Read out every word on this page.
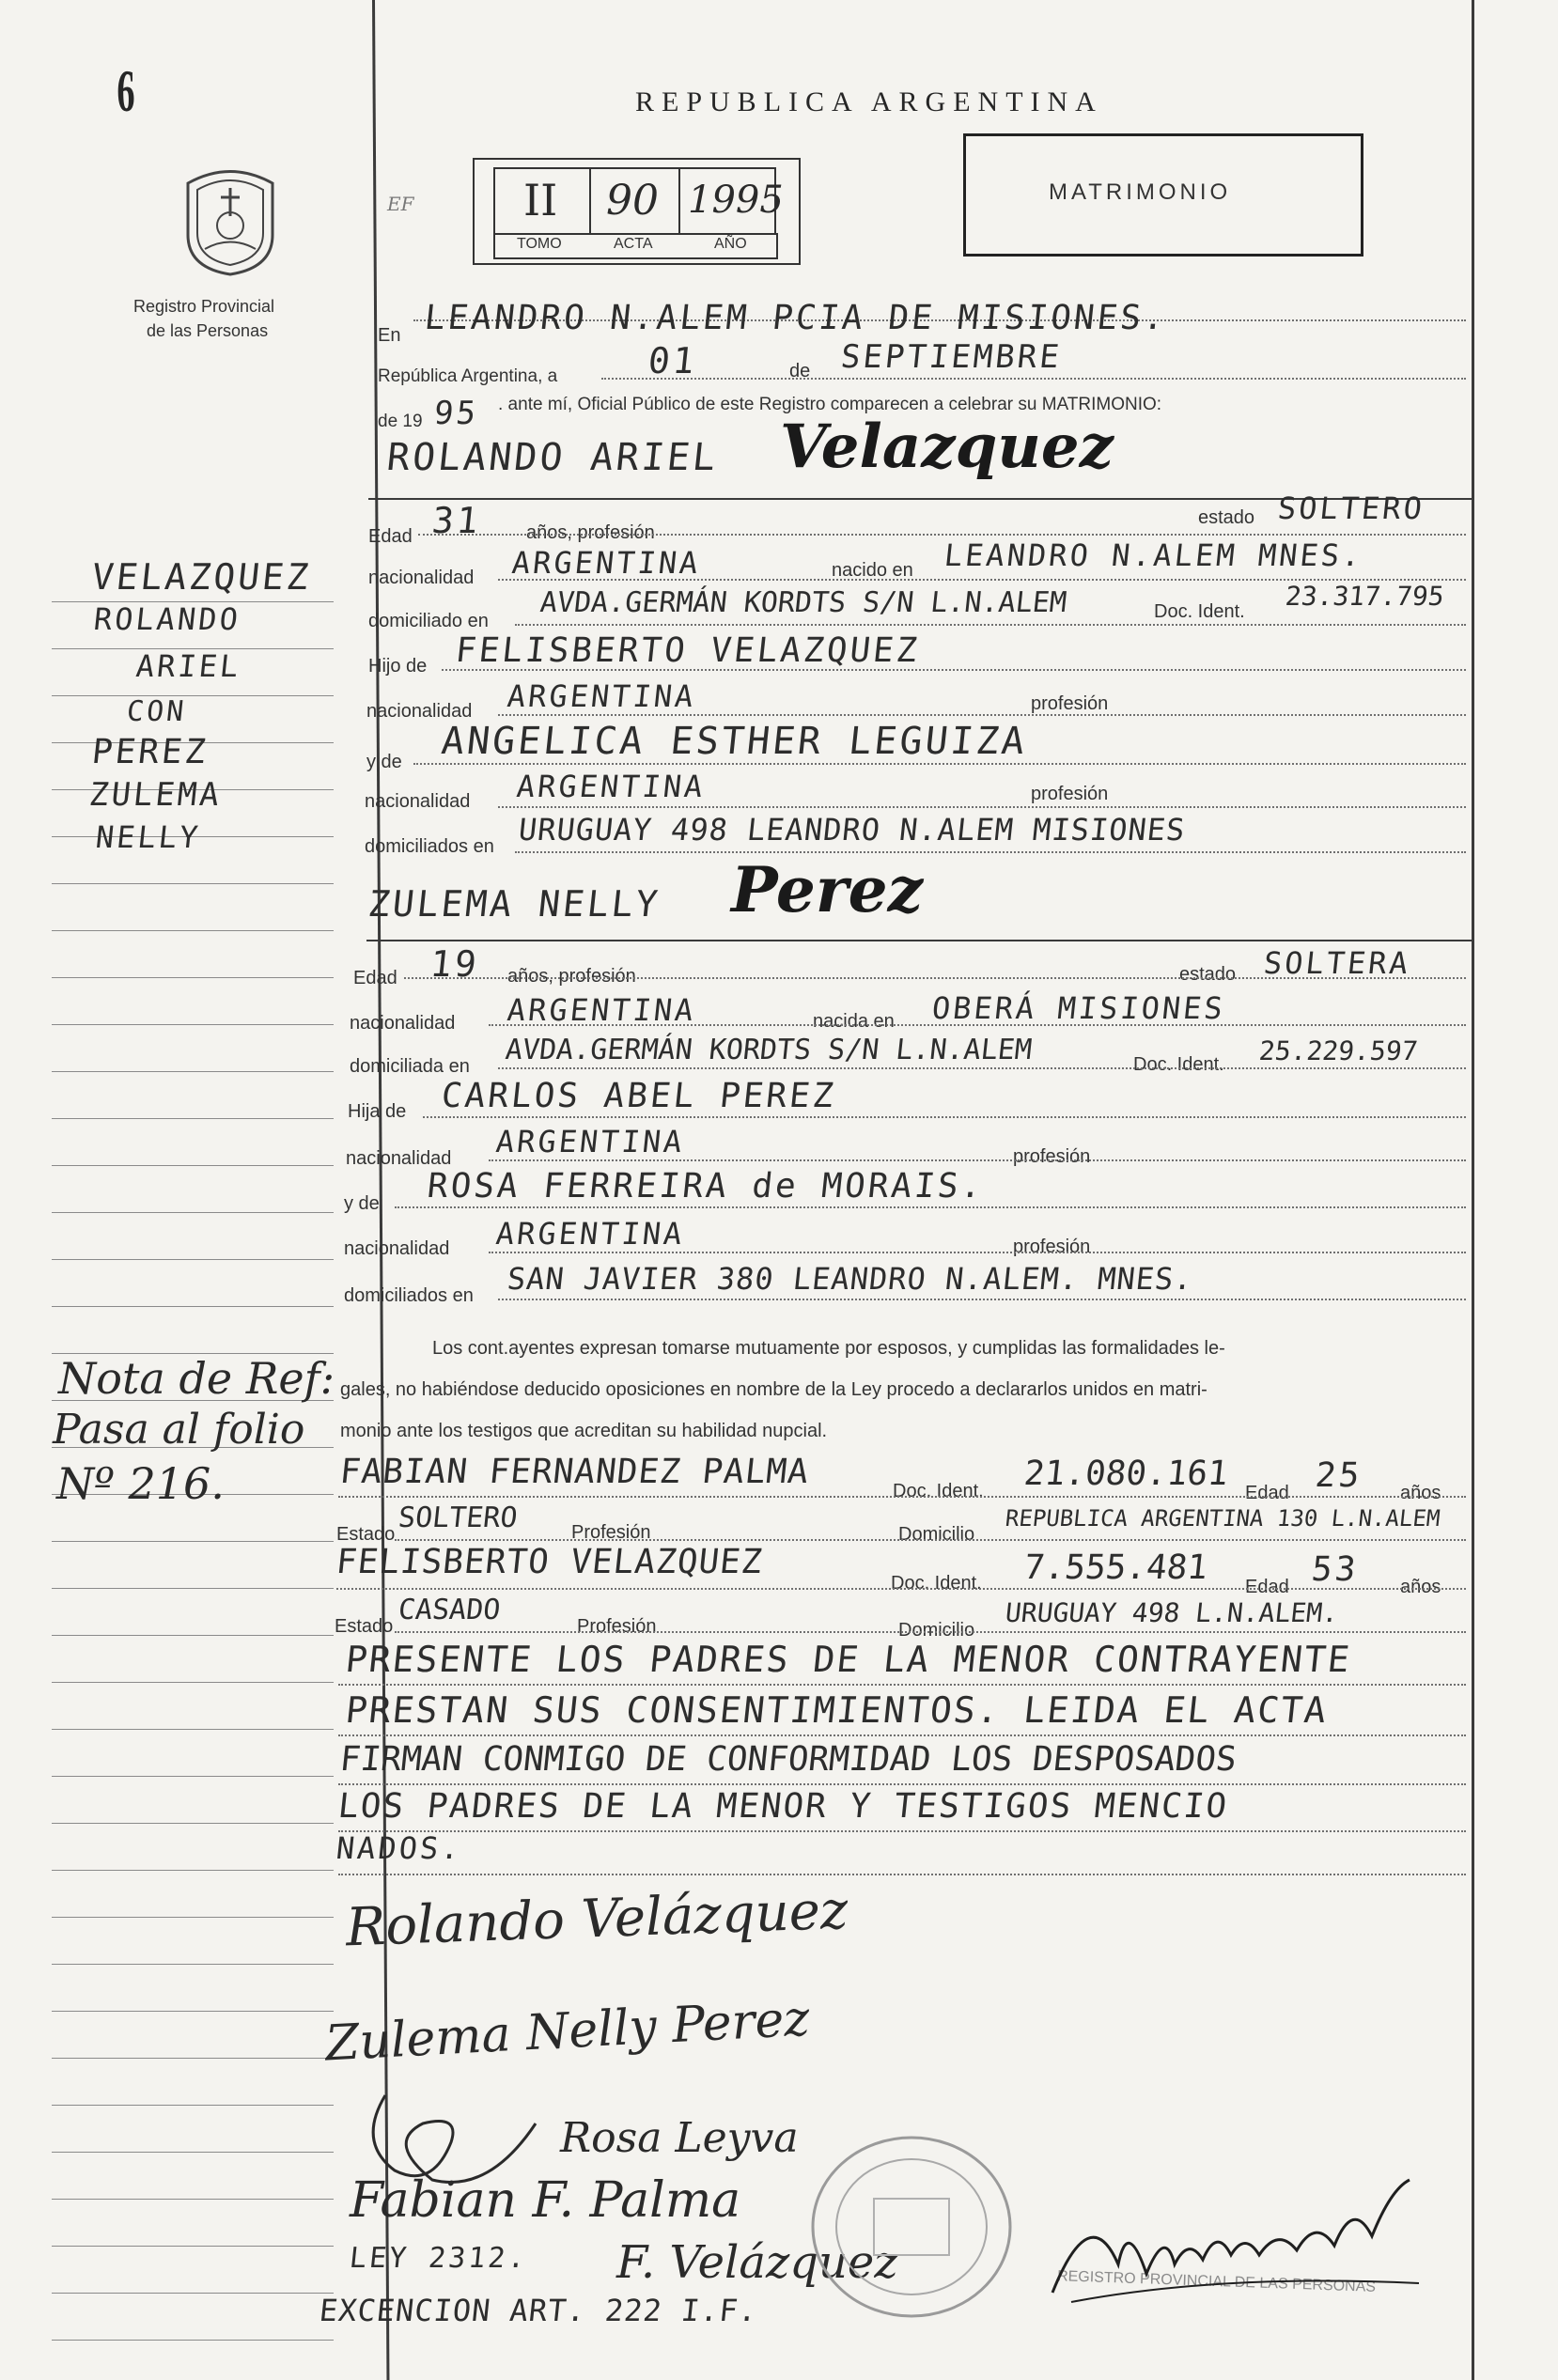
6	REPUBLICA ARGENTINA
Registro Provincial
de las Personas
EF	II 90 1995
TOMO	ACTA	AÑO
MATRIMONIO
En LEANDRO N.ALEM PCIA DE MISIONES.
República Argentina, a 01	de SEPTIEMBRE
de 19 95 . ante mí, Oficial Público de este Registro comparecen a celebrar su MATRIMONIO:
ROLANDO ARIEL Velazquez
Edad 31 años, profesión
estado SOLTERO
nacionalidad ARGENTINA	nacido en LEANDRO N.ALEM MNES.
domiciliado en
AVDA.GERMÁN KORDTS S/N L.N.ALEM	Doc. Ident. 23.317.795
Hijo de FELISBERTO VELAZQUEZ
nacionalidad ARGENTINA	profesión
y de ANGELICA ESTHER LEGUIZA
nacionalidad ARGENTINA	profesión
domiciliados en URUGUAY 498 LEANDRO N.ALEM MISIONES
ZULEMA NELLY Perez
Edad 19 años, profesión	estado SOLTERA
nacionalidad ARGENTINA	nacida en OBERÁ MISIONES
domiciliada en AVDA.GERMÁN KORDTS S/N L.N.ALEM	Doc. Ident. 25.229.597
Hija de CARLOS ABEL PEREZ
nacionalidad ARGENTINA	profesión
y de ROSA FERREIRA de MORAIS.
nacionalidad ARGENTINA	profesión
domiciliados en SAN JAVIER 380 LEANDRO N.ALEM. MNES.
Los cont.ayentes expresan tomarse mutuamente por esposos, y cumplidas las formalidades le-
gales, no habiéndose deducido oposiciones en nombre de la Ley procedo a declararlos unidos en matri-
monio ante los testigos que acreditan su habilidad nupcial.
FABIAN FERNANDEZ PALMA	Doc. Ident. 21.080.161 Edad 25 años
Estado SOLTERO	Profesión	Domicilio
REPUBLICA ARGENTINA 130 L.N.ALEM
FELISBERTO VELAZQUEZ
Doc. Ident. 7.555.481 Edad 53 años
Estado CASADO	Profesión	Domicilio
URUGUAY 498 L.N.ALEM.
PRESENTE LOS PADRES DE LA MENOR CONTRAYENTE
PRESTAN SUS CONSENTIMIENTOS. LEIDA EL ACTA
FIRMAN CONMIGO DE CONFORMIDAD LOS DESPOSADOS
LOS PADRES DE LA MENOR Y TESTIGOS MENCIO
NADOS.
VELAZQUEZ
ROLANDO
ARIEL
CON
PEREZ
ZULEMA
NELLY
Nota de Ref:
Pasa al folio
Nº 216.
Rolando Velázquez
Zulema Nelly Perez
Rosa Leyva
Fabian F. Palma
F. Velázquez
LEY 2312.
EXCENCION ART. 222 I.F.
REGISTRO PROVINCIAL DE LAS PERSONAS
